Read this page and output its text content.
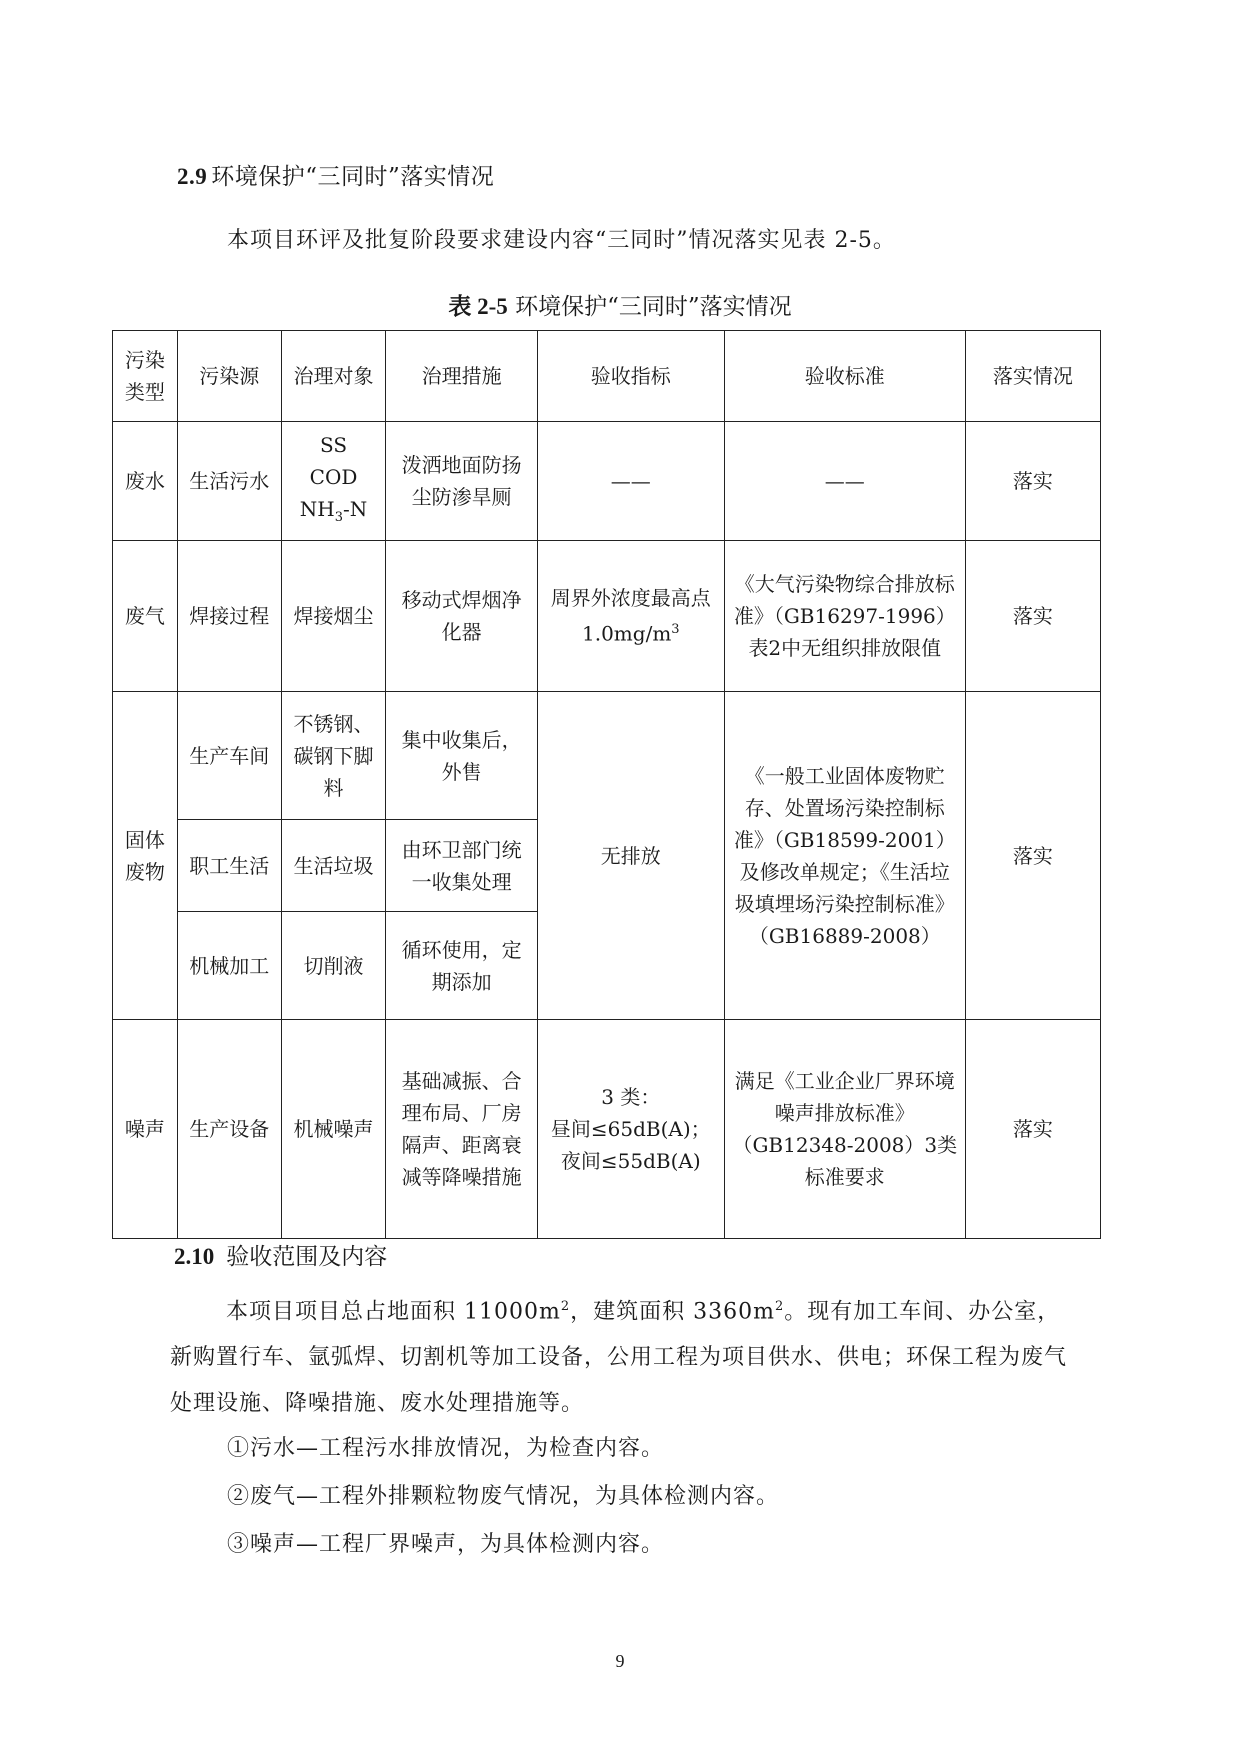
2.9 环境保护“三同时”落实情况
本项目环评及批复阶段要求建设内容“三同时”情况落实见表 2-5。
表 2-5 环境保护“三同时”落实情况
污染类型	污染源	治理对象	治理措施	验收指标	验收标准	落实情况
废水	生活污水	SS
COD
$NH_3-N$	泼洒地面防扬尘防渗旱厕	——	——	落实
废气	焊接过程	焊接烟尘	移动式焊烟净化器	周界外浓度最高点
$1.0mg/m^3$	《大气污染物综合排放标准》（GB16297-1996）表2中无组织排放限值	落实
固体废物	生产车间	不锈钢、碳钢下脚料	集中收集后，外售	无排放	《一般工业固体废物贮存、处置场污染控制标准》（GB18599-2001）及修改单规定；《生活垃圾填埋场污染控制标准》（GB16889-2008）	落实
	职工生活	生活垃圾	由环卫部门统一收集处理			
	机械加工	切削液	循环使用，定期添加			
噪声	生产设备	机械噪声	基础减振、合理布局、厂房隔声、距离衰减等降噪措施	3 类：
昼间≤65dB(A)；
夜间≤55dB(A)	满足《工业企业厂界环境噪声排放标准》（GB12348-2008）3类标准要求	落实
2.10 验收范围及内容
本项目项目总占地面积 $11000m^2$，建筑面积 $3360m^2$。现有加工车间、办公室，新购置行车、氩弧焊、切割机等加工设备，公用工程为项目供水、供电；环保工程为废气处理设施、降噪措施、废水处理措施等。
①污水—工程污水排放情况，为检查内容。
②废气—工程外排颗粒物废气情况，为具体检测内容。
③噪声—工程厂界噪声，为具体检测内容。
9
